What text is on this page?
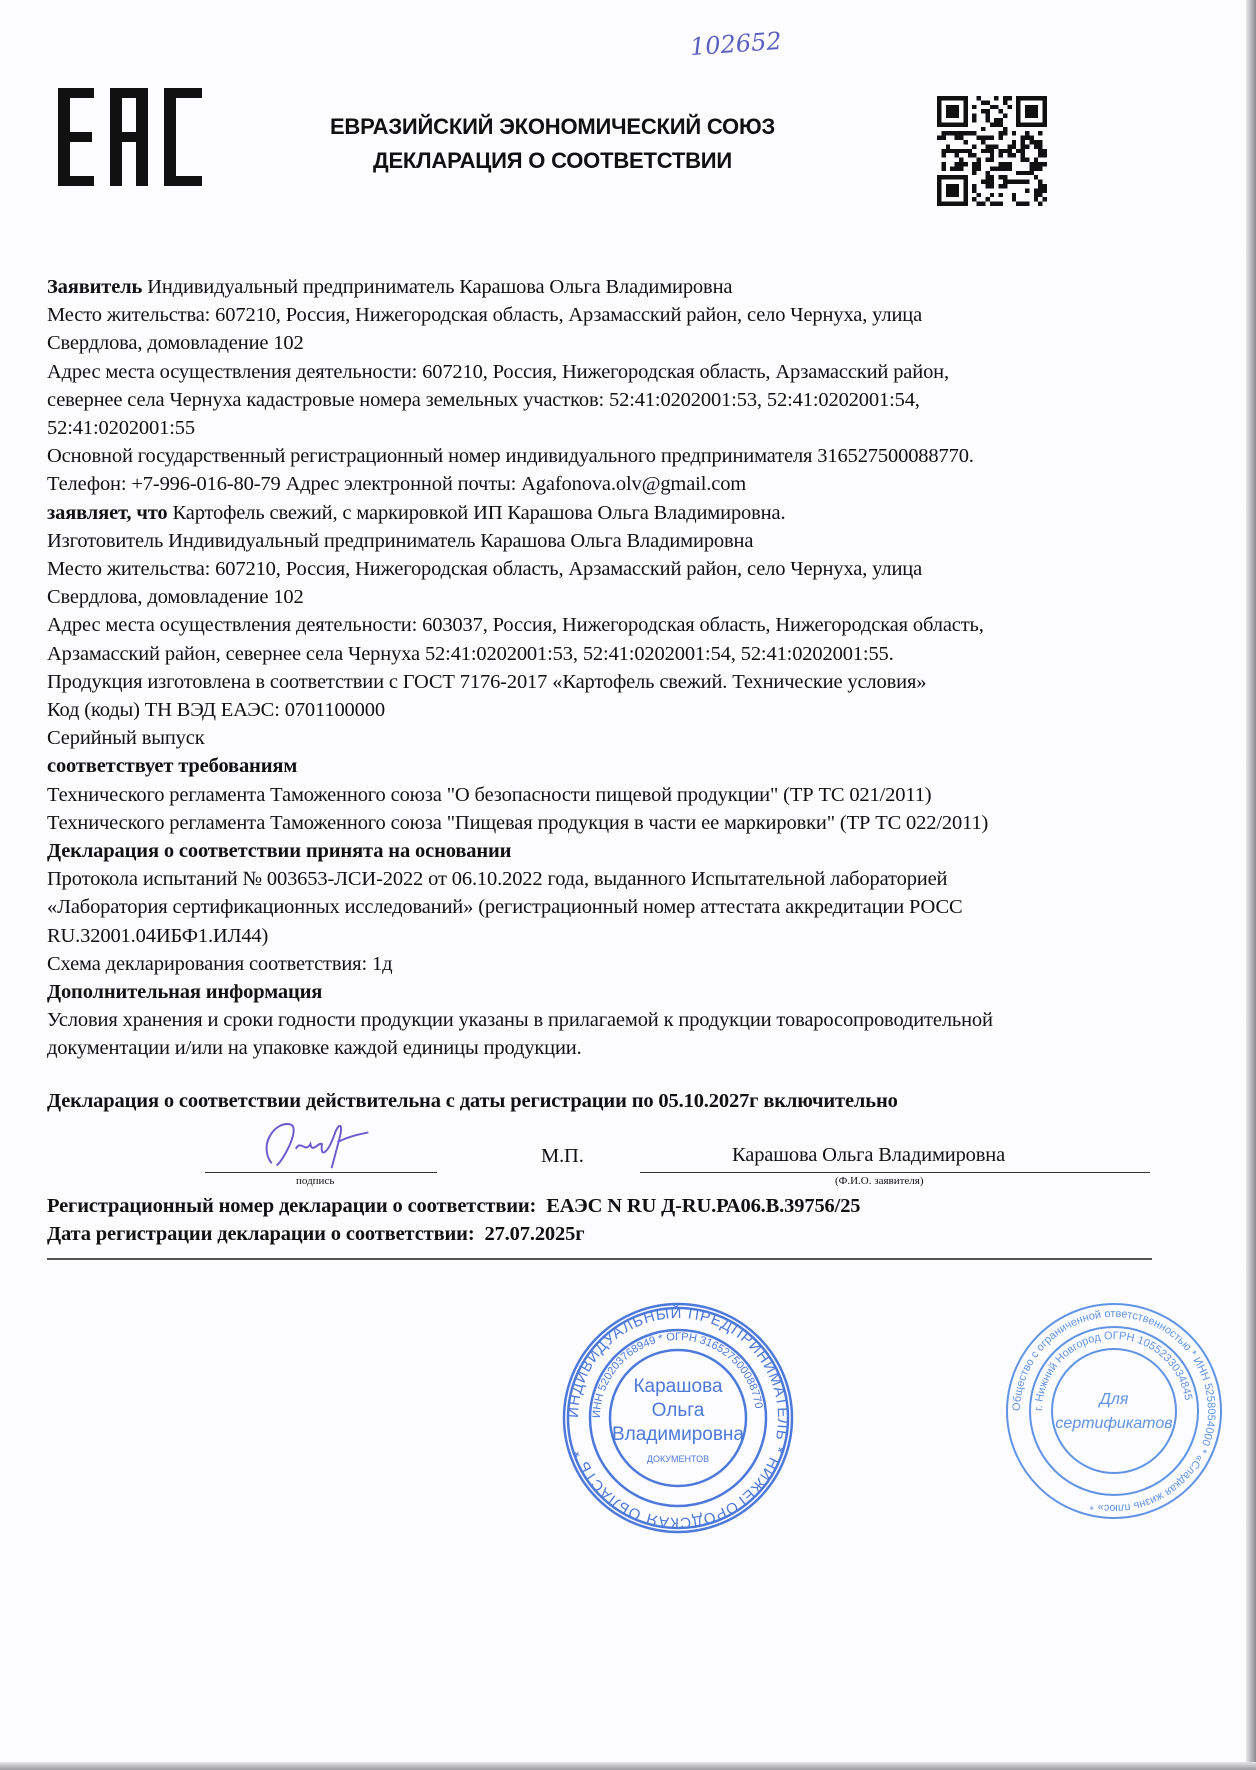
102652
ЕВРАЗИЙСКИЙ ЭКОНОМИЧЕСКИЙ СОЮЗ
ДЕКЛАРАЦИЯ О СООТВЕТСТВИИ
Заявитель Индивидуальный предприниматель Карашова Ольга Владимировна
Место жительства: 607210, Россия, Нижегородская область, Арзамасский район, село Чернуха, улица
Свердлова, домовладение 102
Адрес места осуществления деятельности: 607210, Россия, Нижегородская область, Арзамасский район,
севернее села Чернуха кадастровые номера земельных участков: 52:41:0202001:53, 52:41:0202001:54,
52:41:0202001:55
Основной государственный регистрационный номер индивидуального предпринимателя 316527500088770.
Телефон: +7-996-016-80-79 Адрес электронной почты: Agafonova.olv@gmail.com
заявляет, что Картофель свежий, с маркировкой ИП Карашова Ольга Владимировна.
Изготовитель Индивидуальный предприниматель Карашова Ольга Владимировна
Место жительства: 607210, Россия, Нижегородская область, Арзамасский район, село Чернуха, улица
Свердлова, домовладение 102
Адрес места осуществления деятельности: 603037, Россия, Нижегородская область, Нижегородская область,
Арзамасский район, севернее села Чернуха 52:41:0202001:53, 52:41:0202001:54, 52:41:0202001:55.
Продукция изготовлена в соответствии с ГОСТ 7176-2017 «Картофель свежий. Технические условия»
Код (коды) ТН ВЭД ЕАЭС: 0701100000
Серийный выпуск
соответствует требованиям
Технического регламента Таможенного союза "О безопасности пищевой продукции" (ТР ТС 021/2011)
Технического регламента Таможенного союза "Пищевая продукция в части ее маркировки" (ТР ТС 022/2011)
Декларация о соответствии принята на основании
Протокола испытаний № 003653-ЛСИ-2022 от 06.10.2022 года, выданного Испытательной лабораторией
«Лаборатория сертификационных исследований» (регистрационный номер аттестата аккредитации РОСС
RU.32001.04ИБФ1.ИЛ44)
Схема декларирования соответствия: 1д
Дополнительная информация
Условия хранения и сроки годности продукции указаны в прилагаемой к продукции товаросопроводительной
документации и/или на упаковке каждой единицы продукции.
Декларация о соответствии действительна с даты регистрации по 05.10.2027г включительно
подпись
М.П.	Карашова Ольга Владимировна
(Ф.И.О. заявителя)
Регистрационный номер декларации о соответствии: ЕАЭС N RU Д-RU.РА06.В.39756/25
Дата регистрации декларации о соответствии: 27.07.2025г
ИНДИВИДУАЛЬНЫЙ ПРЕДПРИНИМАТЕЛЬ * НИЖЕГОРОДСКАЯ ОБЛАСТЬ *
ИНН 520203768949 * ОГРН 316527500088770
Карашова
Ольга
Владимировна
ДОКУМЕНТОВ
Общество с ограниченной ответственностью * ИНН 5258054000 * «Сладкая жизнь плюс» *
г. Нижний Новгород ОГРН 1055233034845
Для
сертификатов
